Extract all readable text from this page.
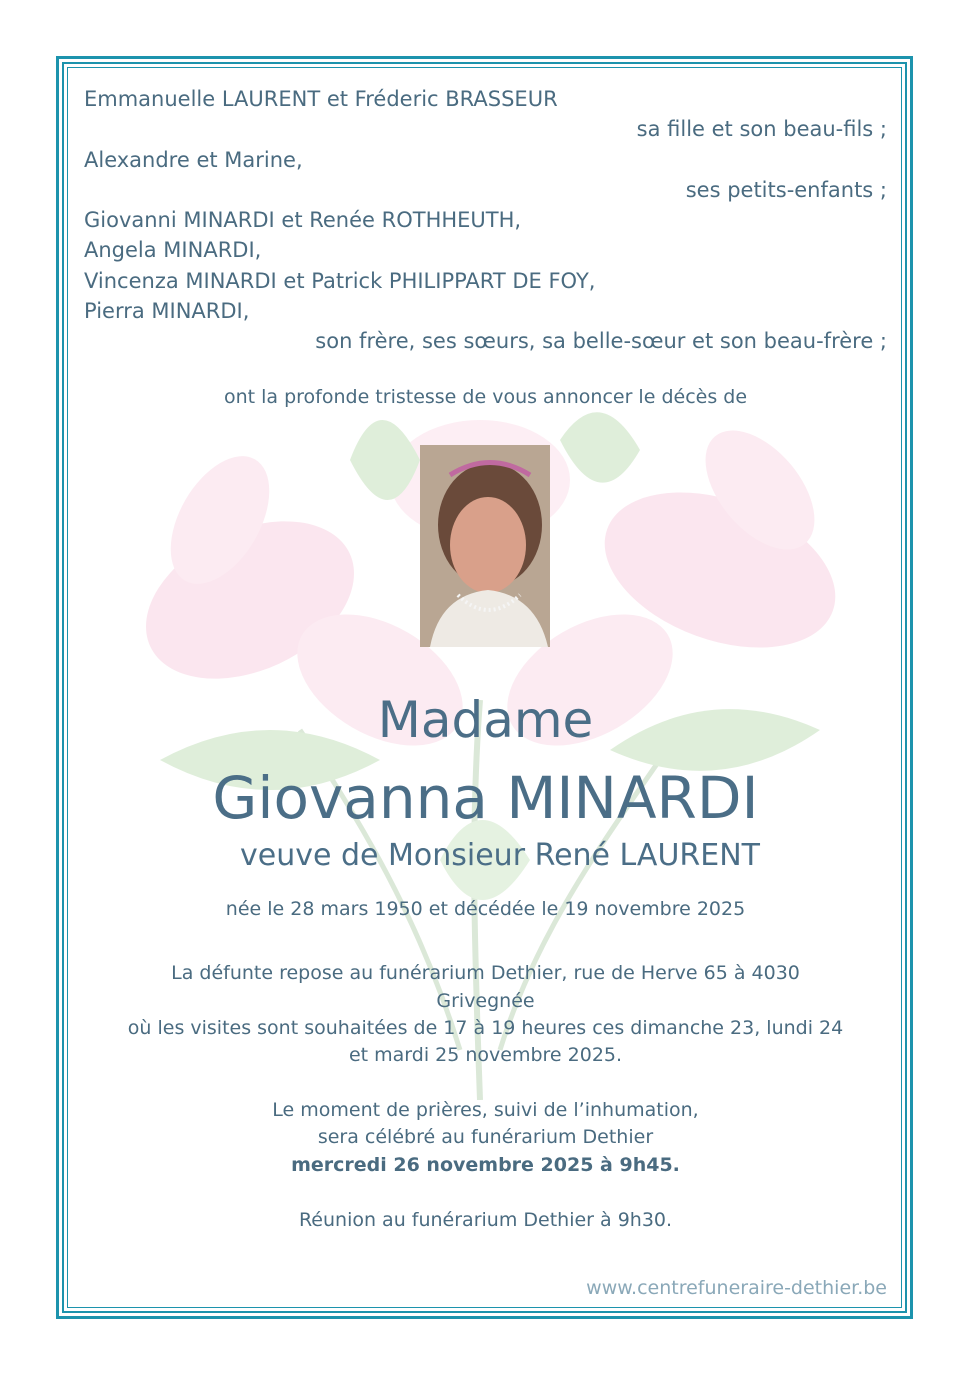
Emmanuelle LAURENT et Fréderic BRASSEUR
sa fille et son beau-fils ;
Alexandre et Marine,
ses petits-enfants ;
Giovanni MINARDI et Renée ROTHHEUTH,
Angela MINARDI,
Vincenza MINARDI et Patrick PHILIPPART DE FOY,
Pierra MINARDI,
son frère, ses sœurs, sa belle-sœur et son beau-frère ;
ont la profonde tristesse de vous annoncer le décès de
Madame
Giovanna MINARDI
veuve de Monsieur René LAURENT
née le 28 mars 1950 et décédée le 19 novembre 2025
La défunte repose au funérarium Dethier, rue de Herve 65 à 4030
Grivegnée
où les visites sont souhaitées de 17 à 19 heures ces dimanche 23, lundi 24
et mardi 25 novembre 2025.
Le moment de prières, suivi de l’inhumation,
sera célébré au funérarium Dethier
mercredi 26 novembre 2025 à 9h45.
Réunion au funérarium Dethier à 9h30.
www.centrefuneraire-dethier.be
